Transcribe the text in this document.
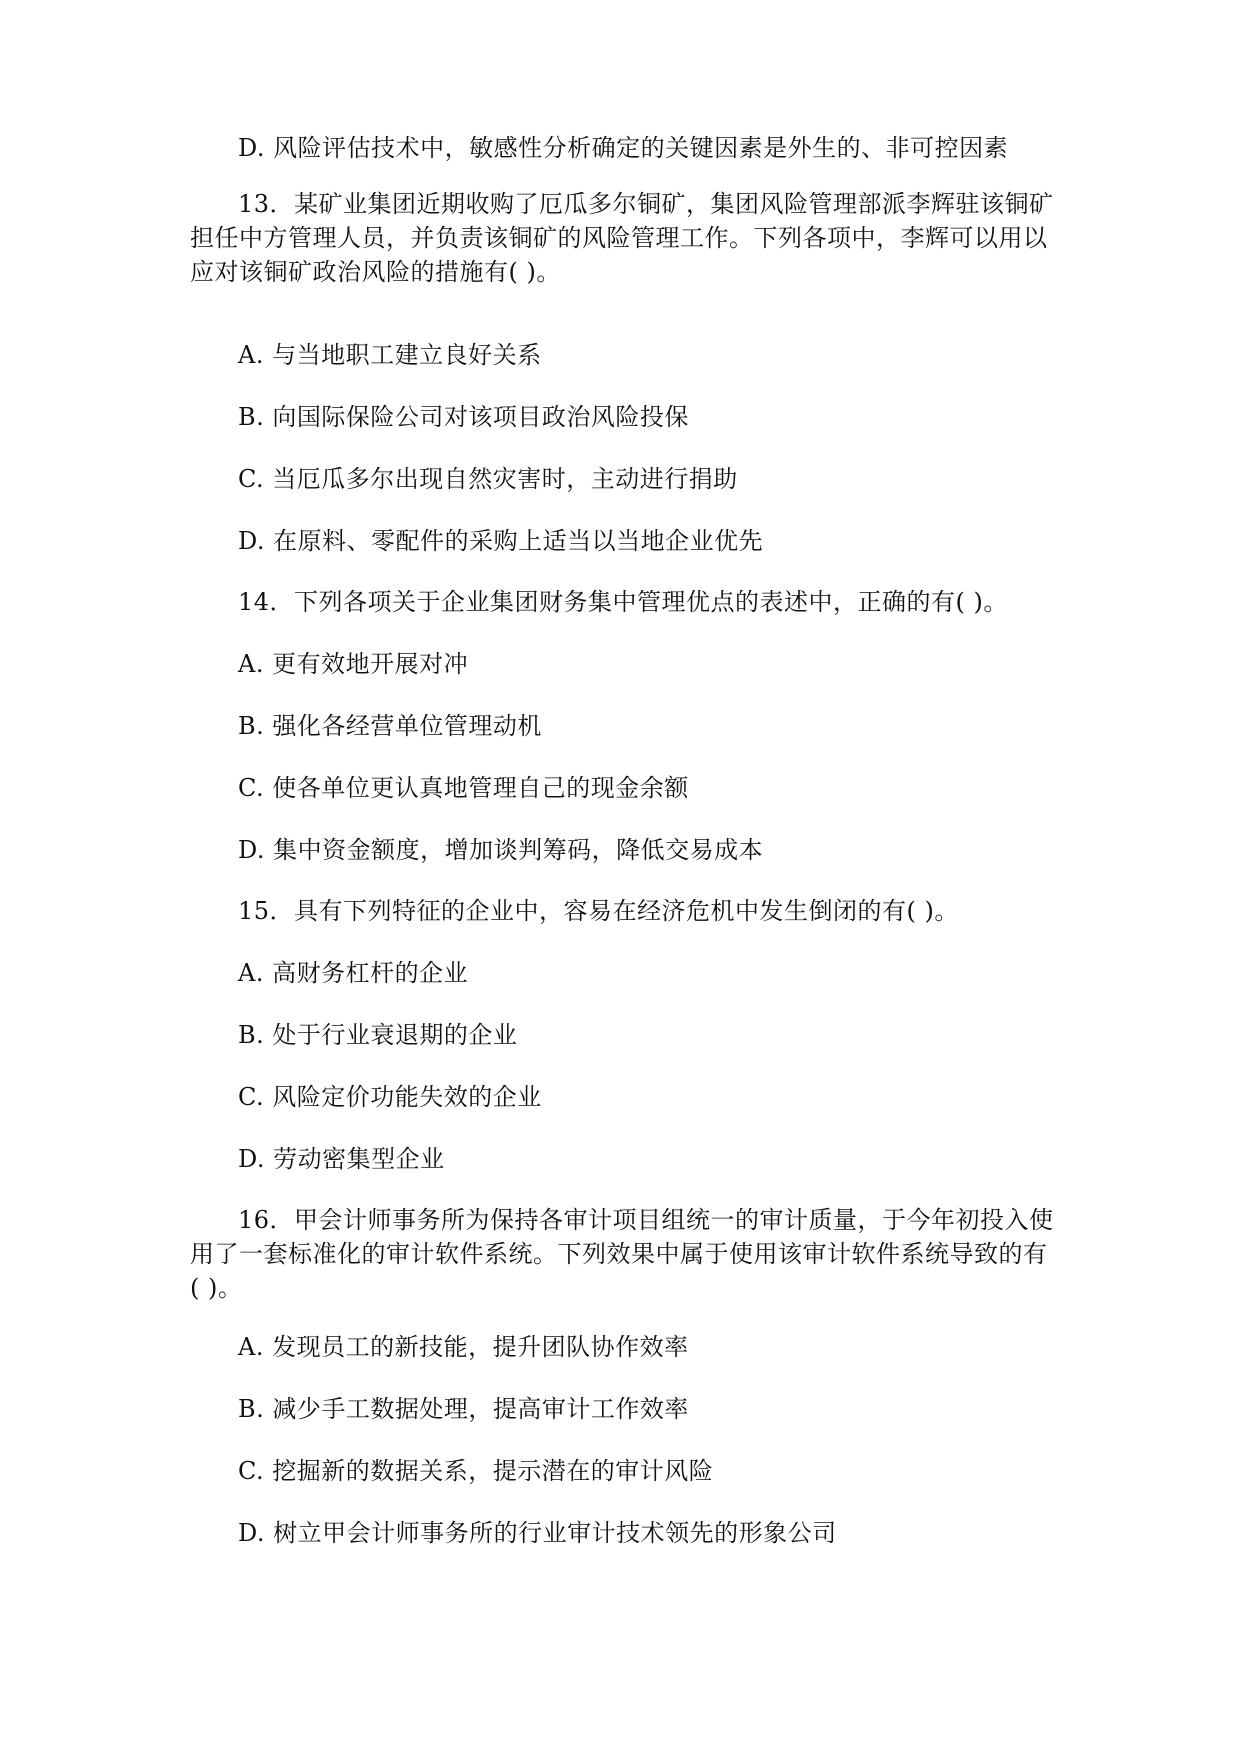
D. 风险评估技术中，敏感性分析确定的关键因素是外生的、非可控因素
13．某矿业集团近期收购了厄瓜多尔铜矿，集团风险管理部派李辉驻该铜矿
担任中方管理人员，并负责该铜矿的风险管理工作。下列各项中，李辉可以用以
应对该铜矿政治风险的措施有( )。
A. 与当地职工建立良好关系
B. 向国际保险公司对该项目政治风险投保
C. 当厄瓜多尔出现自然灾害时，主动进行捐助
D. 在原料、零配件的采购上适当以当地企业优先
14．下列各项关于企业集团财务集中管理优点的表述中，正确的有( )。
A. 更有效地开展对冲
B. 强化各经营单位管理动机
C. 使各单位更认真地管理自己的现金余额
D. 集中资金额度，增加谈判筹码，降低交易成本
15．具有下列特征的企业中，容易在经济危机中发生倒闭的有( )。
A. 高财务杠杆的企业
B. 处于行业衰退期的企业
C. 风险定价功能失效的企业
D. 劳动密集型企业
16．甲会计师事务所为保持各审计项目组统一的审计质量，于今年初投入使
用了一套标准化的审计软件系统。下列效果中属于使用该审计软件系统导致的有
( )。
A. 发现员工的新技能，提升团队协作效率
B. 减少手工数据处理，提高审计工作效率
C. 挖掘新的数据关系，提示潜在的审计风险
D. 树立甲会计师事务所的行业审计技术领先的形象公司
